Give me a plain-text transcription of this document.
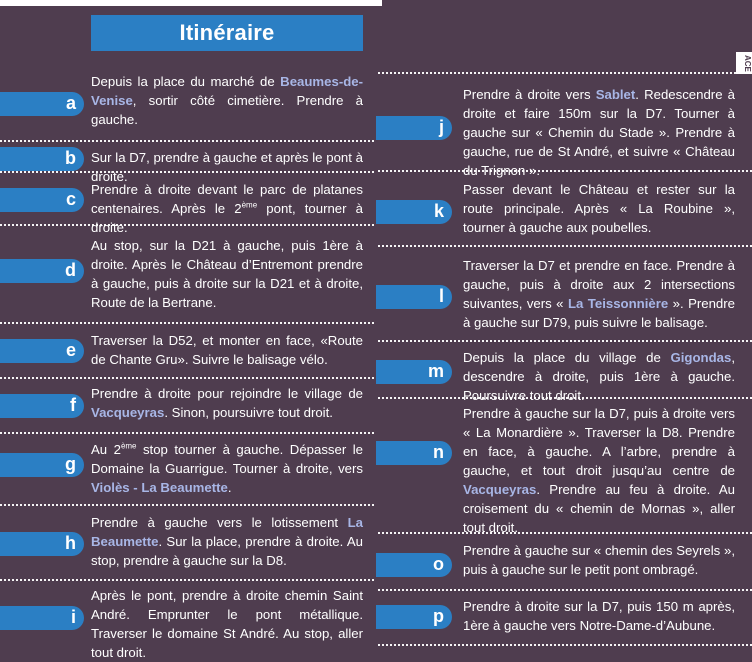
Itinéraire
ACE
a
Depuis la place du marché de Beaumes-de-Venise, sortir côté cimetière. Prendre à gauche.
b	Sur la D7, prendre à gauche et après le pont à droite.
c	Prendre à droite devant le parc de platanes centenaires. Après le 2ème pont, tourner à droite.
d
Au stop, sur la D21 à gauche, puis 1ère à droite. Après le Château d’Entremont prendre à gauche, puis à droite sur la D21 et à droite, Route de la Bertrane.
e	Traverser la D52, et monter en face, «Route de Chante Gru». Suivre le balisage vélo.
f
Prendre à droite pour rejoindre le village de Vacqueyras. Sinon, poursuivre tout droit.
g
Au 2ème stop tourner à gauche. Dépasser le Domaine la Guarrigue. Tourner à droite, vers Violès - La Beaumette.
h
Prendre à gauche vers le lotissement La Beaumette. Sur la place, prendre à droite. Au stop, prendre à gauche sur la D8.
i
Après le pont, prendre à droite chemin Saint André. Emprunter le pont métallique. Traverser le domaine St André. Au stop, aller tout droit.
j
Prendre à droite vers Sablet. Redescendre à droite et faire 150m sur la D7. Tourner à gauche sur « Chemin du Stade ». Prendre à gauche, rue de St André, et suivre « Château du Trignon ».
k
Passer devant le Château et rester sur la route principale. Après « La Roubine », tourner à gauche aux poubelles.
l
Traverser la D7 et prendre en face. Prendre à gauche, puis à droite aux 2 intersections suivantes, vers « La Teissonnière ». Prendre à gauche sur D79, puis suivre le balisage.
m
Depuis la place du village de Gigondas, descendre à droite, puis 1ère à gauche. Poursuivre tout droit.
n
Prendre à gauche sur la D7, puis à droite vers « La Monardière ». Traverser la D8. Prendre en face, à gauche. A l’arbre, prendre à gauche, et tout droit jusqu’au centre de Vacqueyras. Prendre au feu à droite. Au croisement du « chemin de Mornas », aller tout droit.
o
Prendre à gauche sur « chemin des Seyrels », puis à gauche sur le petit pont ombragé.
p	Prendre à droite sur la D7, puis 150 m après, 1ère à gauche vers Notre-Dame-d’Aubune.
